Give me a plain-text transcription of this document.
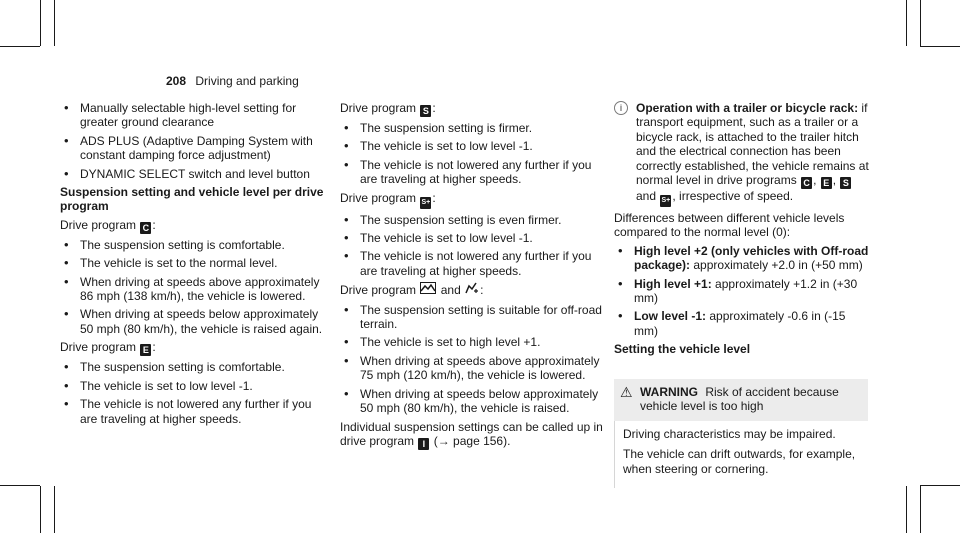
208 Driving and parking
• Manually selectable high-level setting for greater ground clearance
• ADS PLUS (Adaptive Damping System with constant damping force adjustment)
• DYNAMIC SELECT switch and level button
Suspension setting and vehicle level per drive program

Drive program C :

• The suspension setting is comfortable.
• The vehicle is set to the normal level.
• When driving at speeds above approximately 86 mph (138 km/h), the vehicle is lowered.
• When driving at speeds below approximately 50 mph (80 km/h), the vehicle is raised again.

Drive program E :

• The suspension setting is comfortable.
• The vehicle is set to low level -1.
• The vehicle is not lowered any further if you are traveling at higher speeds.

Drive program S :

• The suspension setting is firmer.
• The vehicle is set to low level -1.
• The vehicle is not lowered any further if you are traveling at higher speeds.

Drive program S+ :

• The suspension setting is even firmer.
• The vehicle is set to low level -1.
• The vehicle is not lowered any further if you are traveling at higher speeds.

Drive program and :

• The suspension setting is suitable for off-road terrain.
• The vehicle is set to high level +1.
• When driving at speeds above approximately 75 mph (120 km/h), the vehicle is lowered.
• When driving at speeds below approximately 50 mph (80 km/h), the vehicle is raised.

Individual suspension settings can be called up in drive program I (→ page 156).

i	Operation with a trailer or bicycle rack: if transport equipment, such as a trailer or a bicycle rack, is attached to the trailer hitch and the electrical connection has been correctly established, the vehicle remains at normal level in drive programs C , E , S and S+ , irrespective of speed.

Differences between different vehicle levels compared to the normal level (0):

• High level +2 (only vehicles with Off-road package): approximately +2.0 in (+50 mm)
• High level +1: approximately +1.2 in (+30 mm)
• Low level -1: approximately -0.6 in (-15 mm)
Setting the vehicle level
⚠ WARNING Risk of accident because vehicle level is too high

Driving characteristics may be impaired.

The vehicle can drift outwards, for example, when steering or cornering.
